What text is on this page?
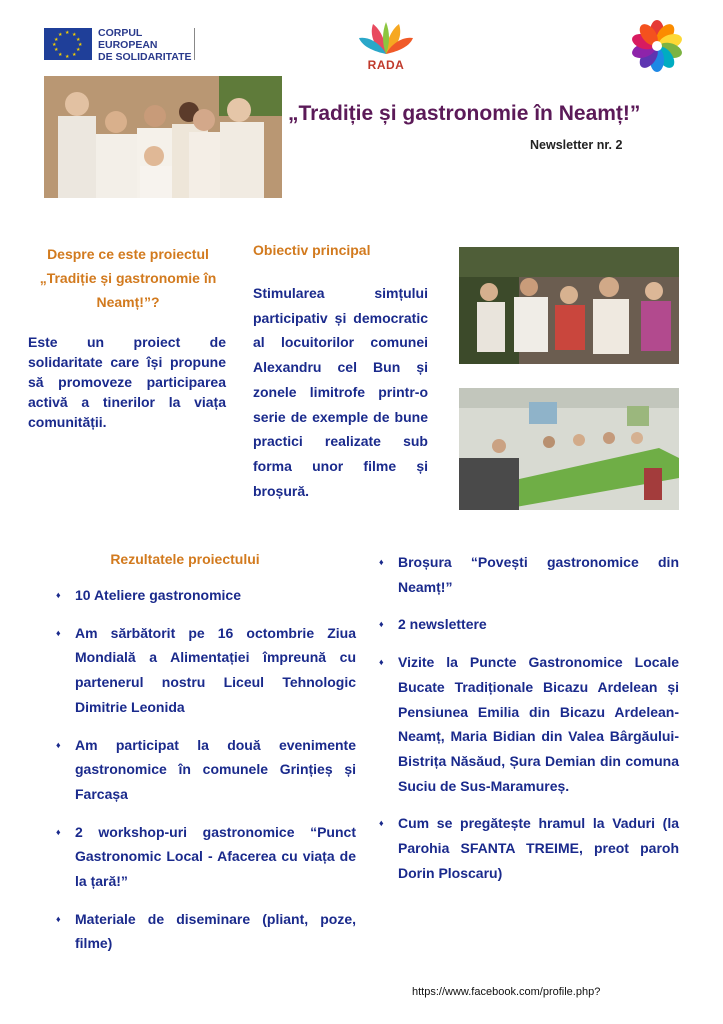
★ ★
★
★
★
★
★
★
★
★
★
★	CORPUL
EUROPEAN
DE SOLIDARITATE
RADA
„Tradiție și gastronomie în Neamț!”
Newsletter nr. 2
Despre ce este proiectul „Tradiție și gastronomie în Neamț!”?
Este un proiect de solidaritate care își propune să promoveze participarea activă a tinerilor la viața comunității.
Obiectiv principal
Stimularea simțului participativ și democratic al locuitorilor comunei Alexandru cel Bun și zonele limitrofe printr-o serie de exemple de bune practici realizate sub forma unor filme și broșură.
Rezultatele proiectului
♦ 10 Ateliere gastronomice
♦ Am sărbătorit pe 16 octombrie Ziua Mondială a Alimentației împreună cu partenerul nostru Liceul Tehnologic Dimitrie Leonida
♦ Am participat la două evenimente gastronomice în comunele Grințieș și Farcașa
♦ 2 workshop-uri gastronomice “Punct Gastronomic Local - Afacerea cu viața de la țară!”
♦ Materiale de diseminare (pliant, poze, filme)
♦ Broșura “Povești gastronomice din Neamț!”
♦ 2 newslettere
♦ Vizite la Puncte Gastronomice Locale Bucate Tradiționale Bicazu Ardelean și Pensiunea Emilia din Bicazu Ardelean-Neamț, Maria Bidian din Valea Bârgăului-Bistrița Năsăud, Șura Demian din comuna Suciu de Sus-Maramureș.
♦ Cum se pregătește hramul la Vaduri (la Parohia SFANTA TREIME, preot paroh Dorin Ploscaru)
https://www.facebook.com/profile.php?
